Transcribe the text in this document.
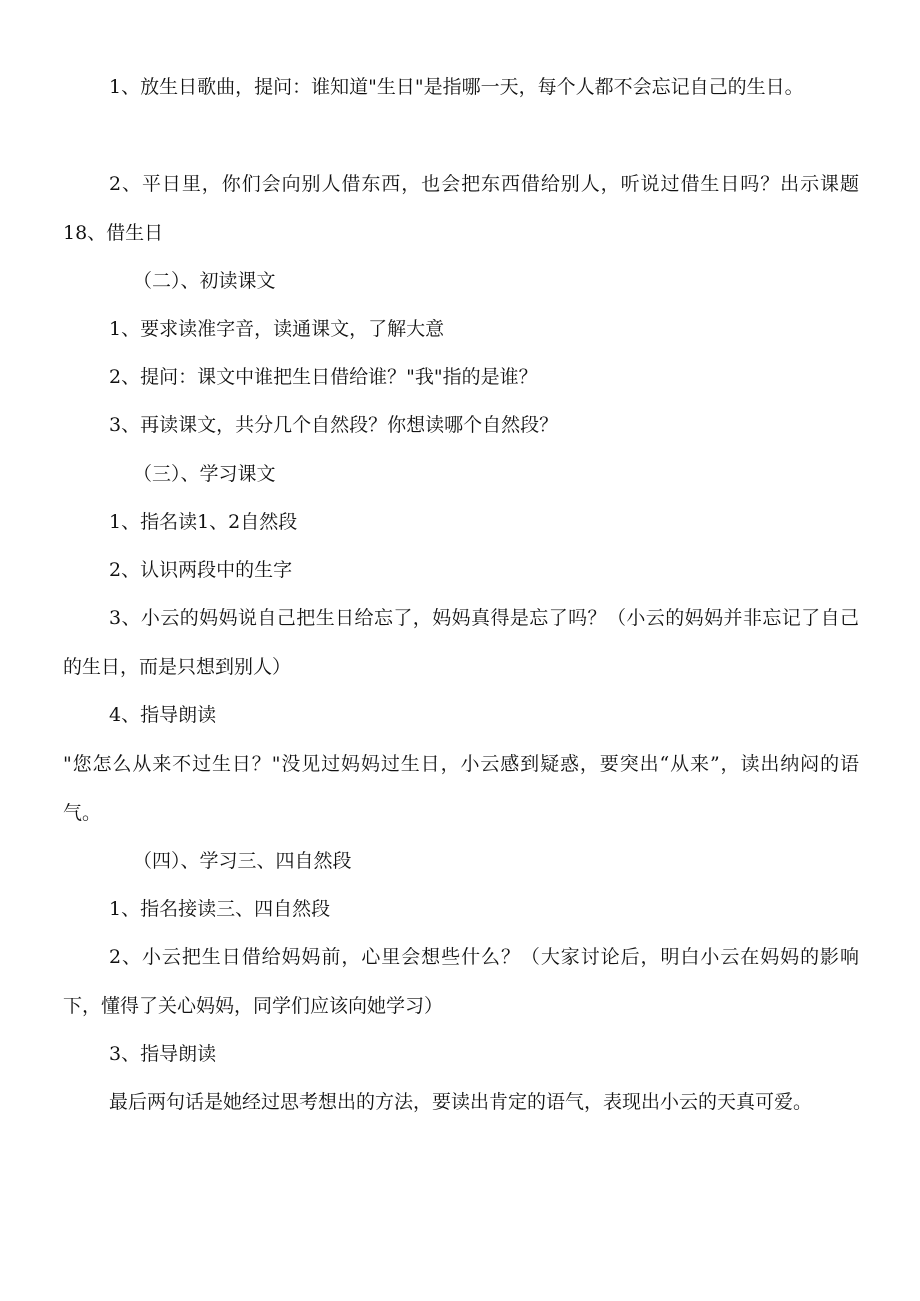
1、放生日歌曲，提问：谁知道"生日"是指哪一天，每个人都不会忘记自己的生日。

2、平日里，你们会向别人借东西，也会把东西借给别人，听说过借生日吗？出示课题18、借生日

（二）、初读课文

1、要求读准字音，读通课文，了解大意

2、提问：课文中谁把生日借给谁？"我"指的是谁？

3、再读课文，共分几个自然段？你想读哪个自然段？

（三）、学习课文

1、指名读1、2自然段

2、认识两段中的生字

3、小云的妈妈说自己把生日给忘了，妈妈真得是忘了吗？（小云的妈妈并非忘记了自己的生日，而是只想到别人）

4、指导朗读

"您怎么从来不过生日？"没见过妈妈过生日，小云感到疑惑，要突出“从来”，读出纳闷的语气。

（四）、学习三、四自然段

1、指名接读三、四自然段

2、小云把生日借给妈妈前，心里会想些什么？（大家讨论后，明白小云在妈妈的影响下，懂得了关心妈妈，同学们应该向她学习）

3、指导朗读

最后两句话是她经过思考想出的方法，要读出肯定的语气，表现出小云的天真可爱。
